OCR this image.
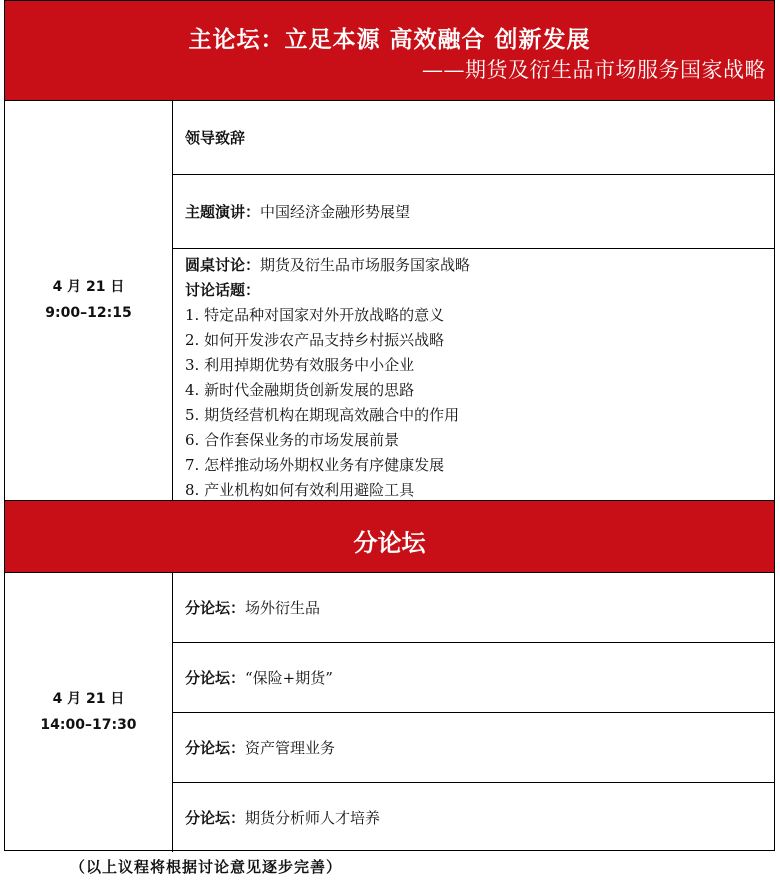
主论坛：立足本源 高效融合 创新发展
——期货及衍生品市场服务国家战略
4 月 21 日
9:00–12:15
领导致辞
主题演讲： 中国经济金融形势展望
圆桌讨论：期货及衍生品市场服务国家战略
讨论话题：
1. 特定品种对国家对外开放战略的意义
2. 如何开发涉农产品支持乡村振兴战略
3. 利用掉期优势有效服务中小企业
4. 新时代金融期货创新发展的思路
5. 期货经营机构在期现高效融合中的作用
6. 合作套保业务的市场发展前景
7. 怎样推动场外期权业务有序健康发展
8. 产业机构如何有效利用避险工具
分论坛
4 月 21 日
14:00–17:30
分论坛： 场外衍生品
分论坛： “保险+期货”
分论坛： 资产管理业务
分论坛： 期货分析师人才培养
（以上议程将根据讨论意见逐步完善）
